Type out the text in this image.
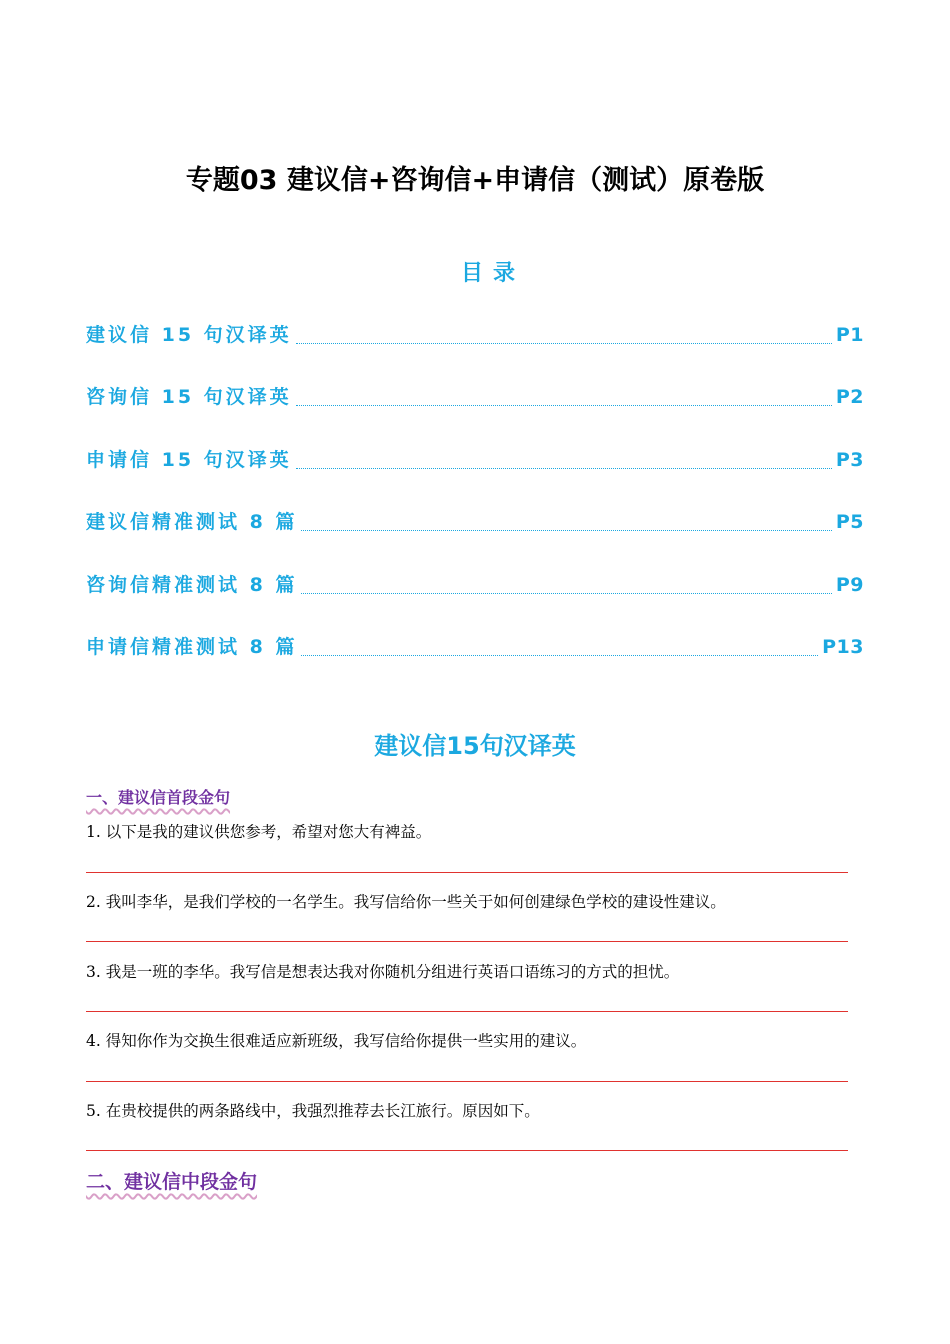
专题03 建议信+咨询信+申请信（测试）原卷版
目录
建议信 15 句汉译英	P1
咨询信 15 句汉译英	P2
申请信 15 句汉译英	P3
建议信精准测试 8 篇	P5
咨询信精准测试 8 篇	P9
申请信精准测试 8 篇	P13
建议信15句汉译英
一、建议信首段金句
1. 以下是我的建议供您参考，希望对您大有裨益。
2. 我叫李华，是我们学校的一名学生。我写信给你一些关于如何创建绿色学校的建设性建议。
3. 我是一班的李华。我写信是想表达我对你随机分组进行英语口语练习的方式的担忧。
4. 得知你作为交换生很难适应新班级，我写信给你提供一些实用的建议。
5. 在贵校提供的两条路线中，我强烈推荐去长江旅行。原因如下。
二、建议信中段金句
